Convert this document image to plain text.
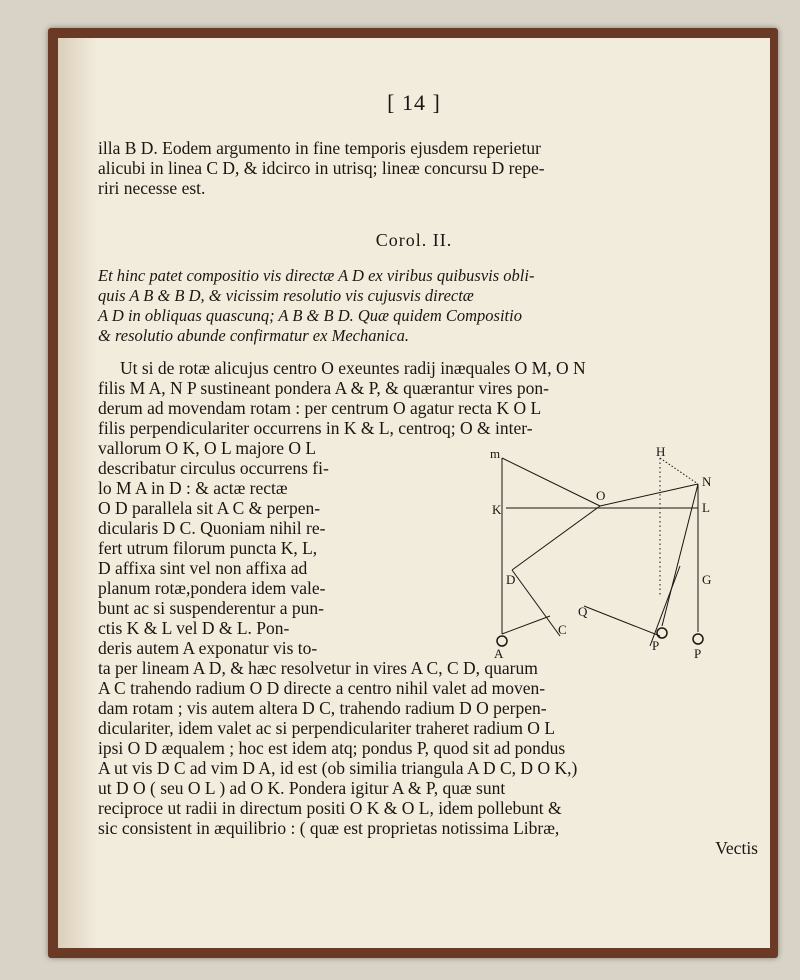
[ 14 ]
illa B D. Eodem argumento in fine temporis ejusdem reperietur
alicubi in linea C D, & idcirco in utrisq; lineæ concursu D repe-
riri necesse est.
Corol. II.
Et hinc patet compositio vis directæ A D ex viribus quibusvis obli-
quis A B & B D, & vicissim resolutio vis cujusvis directæ
A D in obliquas quascunq; A B & B D. Quæ quidem Compositio
& resolutio abunde confirmatur ex Mechanica.
Ut si de rotæ alicujus centro O exeuntes radij inæquales O M, O N
filis M A, N P sustineant pondera A & P, & quærantur vires pon-
derum ad movendam rotam : per centrum O agatur recta K O L
filis perpendiculariter occurrens in K & L, centroq; O & inter-
vallorum O K, O L majore O L
describatur circulus occurrens fi-
lo M A in D : & actæ rectæ
O D parallela sit A C & perpen-
dicularis D C. Quoniam nihil re-
fert utrum filorum puncta K, L,
D affixa sint vel non affixa ad
planum rotæ,pondera idem vale-
bunt ac si suspenderentur a pun-
ctis K & L vel D & L. Pon-
deris autem A exponatur vis to-
ta per lineam A D, & hæc resolvetur in vires A C, C D, quarum
A C trahendo radium O D directe a centro nihil valet ad moven-
dam rotam ; vis autem altera D C, trahendo radium D O perpen-
diculariter, idem valet ac si perpendiculariter traheret radium O L
ipsi O D æqualem ; hoc est idem atq; pondus P, quod sit ad pondus
A ut vis D C ad vim D A, id est (ob similia triangula A D C, D O K,)
ut D O ( seu O L ) ad O K. Pondera igitur A & P, quæ sunt
reciproce ut radii in directum positi O K & O L, idem pollebunt &
sic consistent in æquilibrio : ( quæ est proprietas notissima Libræ,
Vectis
m	H
N
K
O
L
D	G
C
Q
A
P
P
